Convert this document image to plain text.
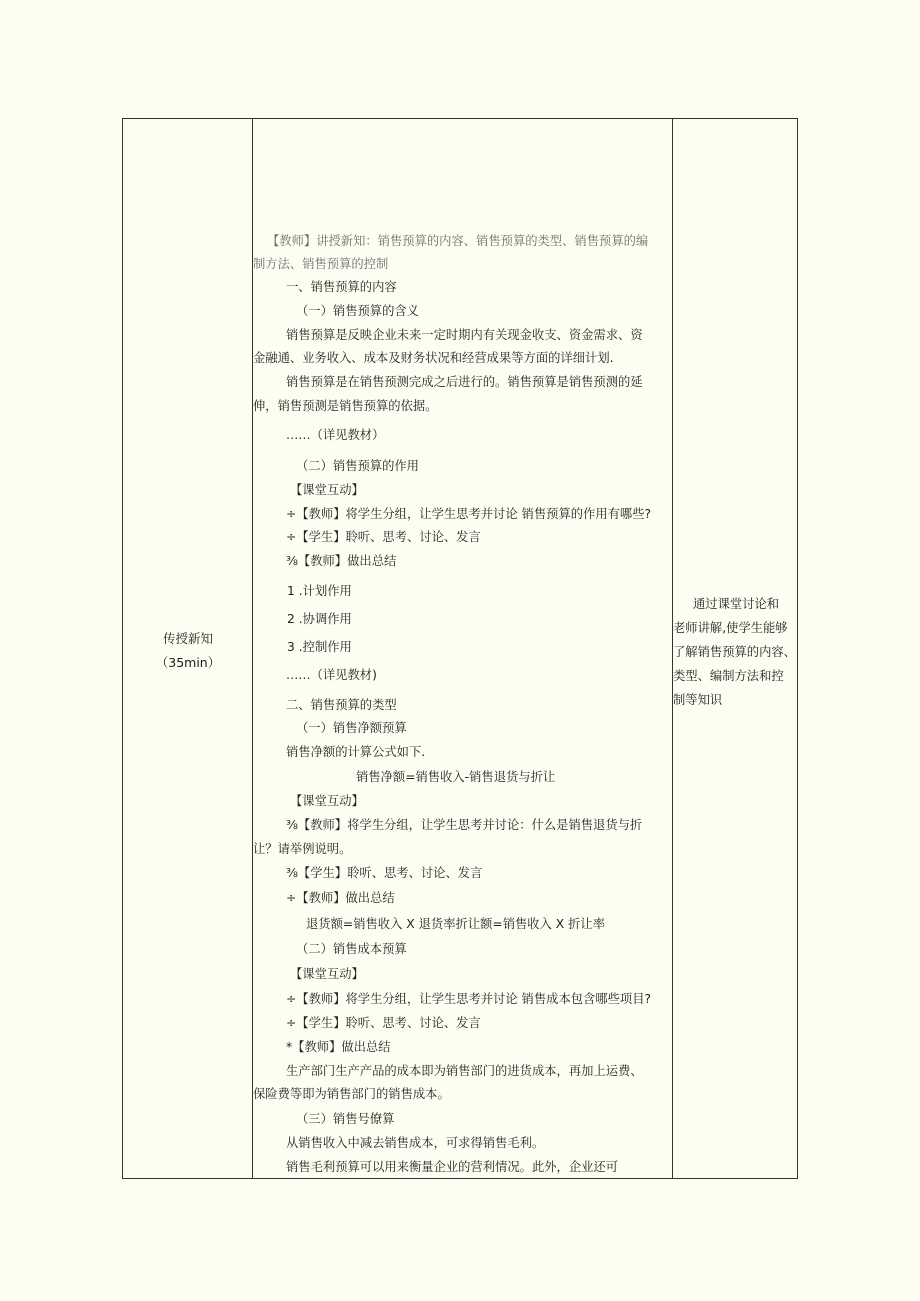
传授新知
（35min）
【教师】讲授新知：销售预算的内容、销售预算的类型、销售预算的编
制方法、销售预算的控制
一、销售预算的内容
（一）销售预算的含义
销售预算是反映企业未来一定时期内有关现金收支、资金需求、资
金融通、业务收入、成本及财务状况和经营成果等方面的详细计划.
销售预算是在销售预测完成之后进行的。销售预算是销售预测的延
伸，销售预测是销售预算的依据。
……（详见教材）
（二）销售预算的作用
【课堂互动】
÷【教师】将学生分组，让学生思考并讨论 销售预算的作用有哪些?
÷【学生】聆听、思考、讨论、发言
⅜【教师】做出总结
1 .计划作用
2 .协调作用
3 .控制作用
……（详见教材)
二、销售预算的类型
（一）销售净额预算
销售净额的计算公式如下.
销售净额=销售收入-销售退货与折让
【课堂互动】
⅜【教师】将学生分组，让学生思考并讨论：什么是销售退货与折
让？请举例说明。
⅜【学生】聆听、思考、讨论、发言
÷【教师】做出总结
退货额=销售收入 X 退货率折让额=销售收入 X 折让率
（二）销售成本预算
【课堂互动】
÷【教师】将学生分组，让学生思考并讨论 销售成本包含哪些项目?
÷【学生】聆听、思考、讨论、发言
*【教师】做出总结
生产部门生产产品的成本即为销售部门的进货成本，再加上运费、
保险费等即为销售部门的销售成本。
（三）销售号僚算
从销售收入中减去销售成本，可求得销售毛利。
销售毛利预算可以用来衡量企业的营利情况。此外，企业还可
通过课堂讨论和
老师讲解,使学生能够
了解销售预算的内容、
类型、编制方法和控
制等知识
